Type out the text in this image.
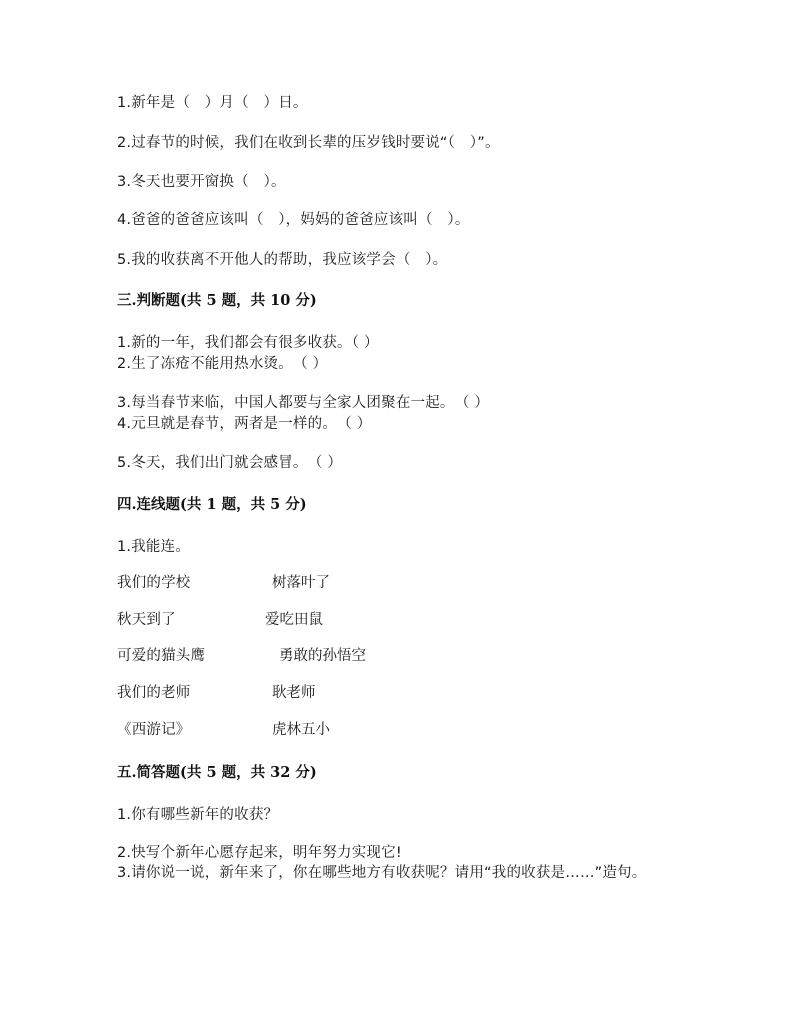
1.新年是（　）月（　）日。
2.过春节的时候，我们在收到长辈的压岁钱时要说“（　）”。
3.冬天也要开窗换（　）。
4.爸爸的爸爸应该叫（　），妈妈的爸爸应该叫（　）。
5.我的收获离不开他人的帮助，我应该学会（　）。
三.判断题(共 5 题，共 10 分)
1.新的一年，我们都会有很多收获。（ ）
2.生了冻疮不能用热水烫。　（ ）
3.每当春节来临，中国人都要与全家人团聚在一起。　（ ）
4.元旦就是春节，两者是一样的。　（ ）
5.冬天，我们出门就会感冒。　（ ）
四.连线题(共 1 题，共 5 分)
1.我能连。
我们的学校	树落叶了
秋天到了	爱吃田鼠
可爱的猫头鹰	勇敢的孙悟空
我们的老师	耿老师
《西游记》	虎林五小
五.简答题(共 5 题，共 32 分)
1.你有哪些新年的收获？
2.快写个新年心愿存起来，明年努力实现它!
3.请你说一说，新年来了，你在哪些地方有收获呢？请用“我的收获是……”造句。
